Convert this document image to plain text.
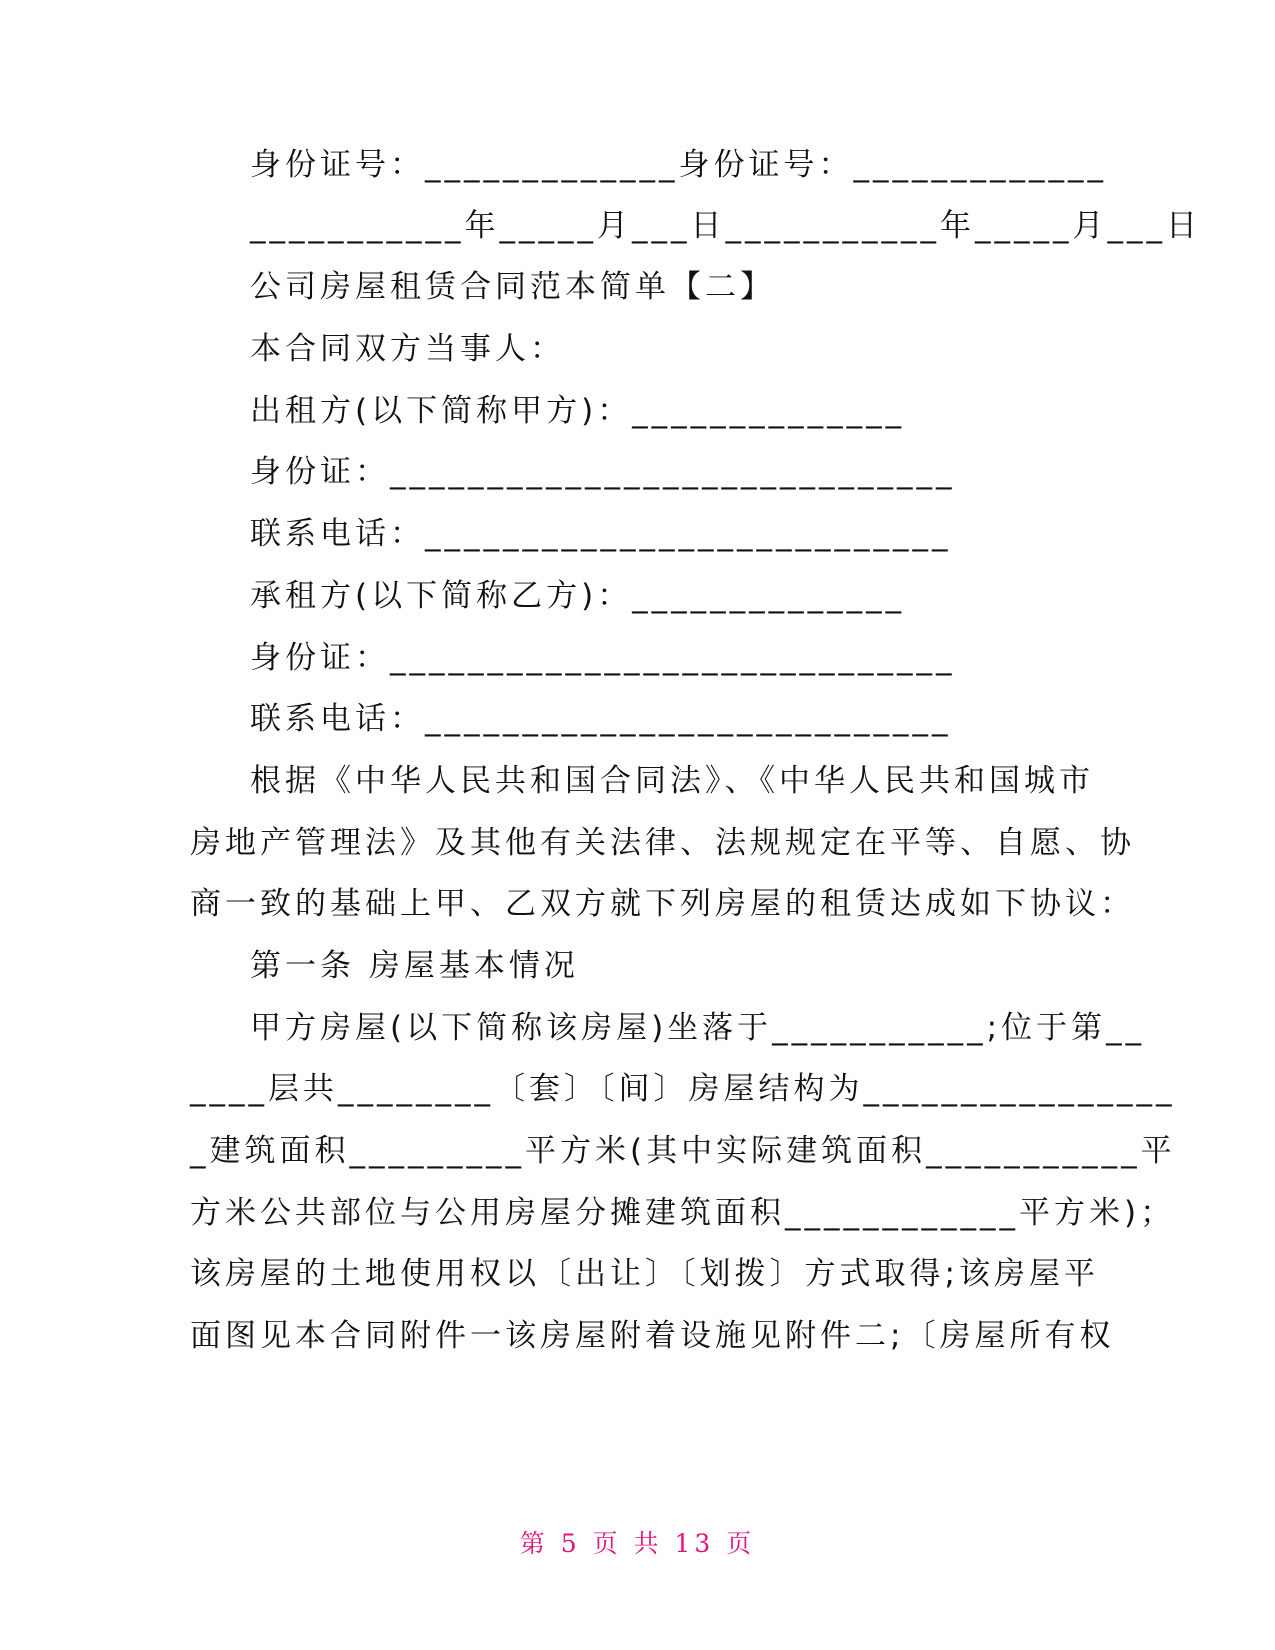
身份证号：_____________身份证号：_____________
___________年_____月___日___________年_____月___日
公司房屋租赁合同范本简单【二】
本合同双方当事人：
出租方(以下简称甲方)：______________
身份证：_____________________________
联系电话：___________________________
承租方(以下简称乙方)：______________
身份证：_____________________________
联系电话：___________________________
根据《中华人民共和国合同法》、《中华人民共和国城市
房地产管理法》及其他有关法律、法规规定在平等、自愿、协
商一致的基础上甲、乙双方就下列房屋的租赁达成如下协议：
第一条 房屋基本情况
甲方房屋(以下简称该房屋)坐落于___________;位于第__
____层共________〔套〕〔间〕房屋结构为________________
_建筑面积_________平方米(其中实际建筑面积___________平
方米公共部位与公用房屋分摊建筑面积____________平方米)；
该房屋的土地使用权以〔出让〕〔划拨〕方式取得;该房屋平
面图见本合同附件一该房屋附着设施见附件二;〔房屋所有权
第 5 页 共 13 页
